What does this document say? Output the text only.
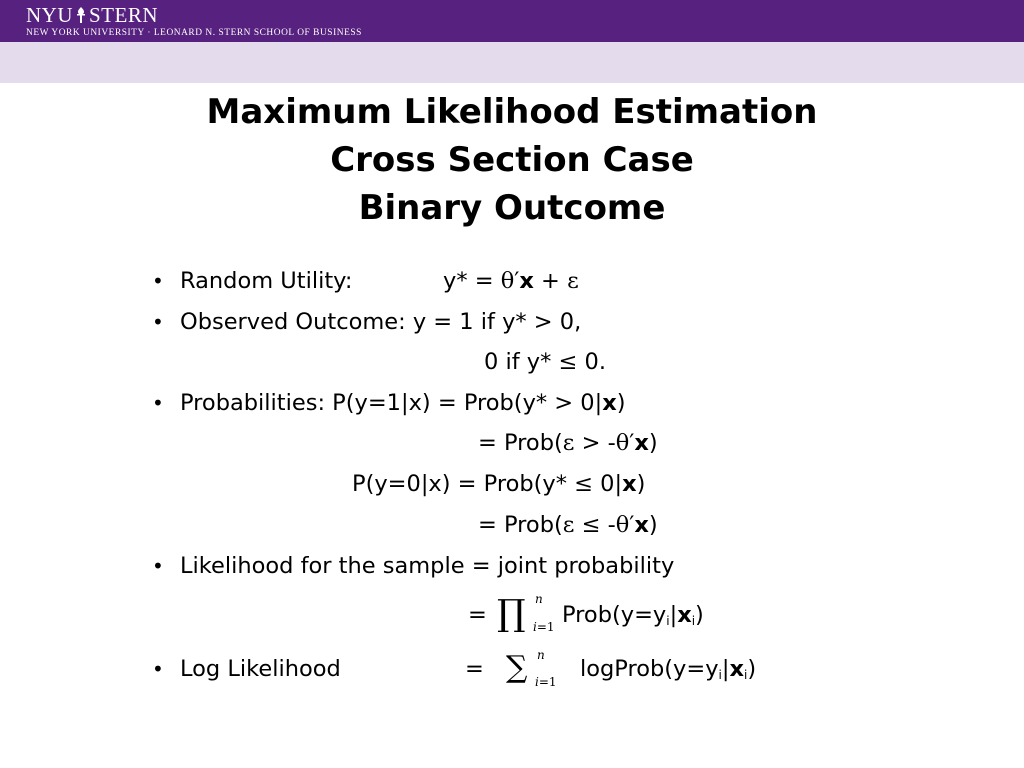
NYU STERN
NEW YORK UNIVERSITY · LEONARD N. STERN SCHOOL OF BUSINESS
Maximum Likelihood Estimation
Cross Section Case
Binary Outcome
• Random Utility:	y* = θ′x + ε
• Observed Outcome: y = 1 if y* > 0,
0 if y* ≤ 0.
• Probabilities: P(y=1|x) = Prob(y* > 0|x)
= Prob(ε > -θ′x)
P(y=0|x) = Prob(y* ≤ 0|x)
= Prob(ε ≤ -θ′x)
• Likelihood for the sample = joint probability
= ∏ n
i=1 $Prob(y=y_i|x_i)$
• Log Likelihood	= ∑ n
i=1 $logProb(y=y_i|x_i)$
